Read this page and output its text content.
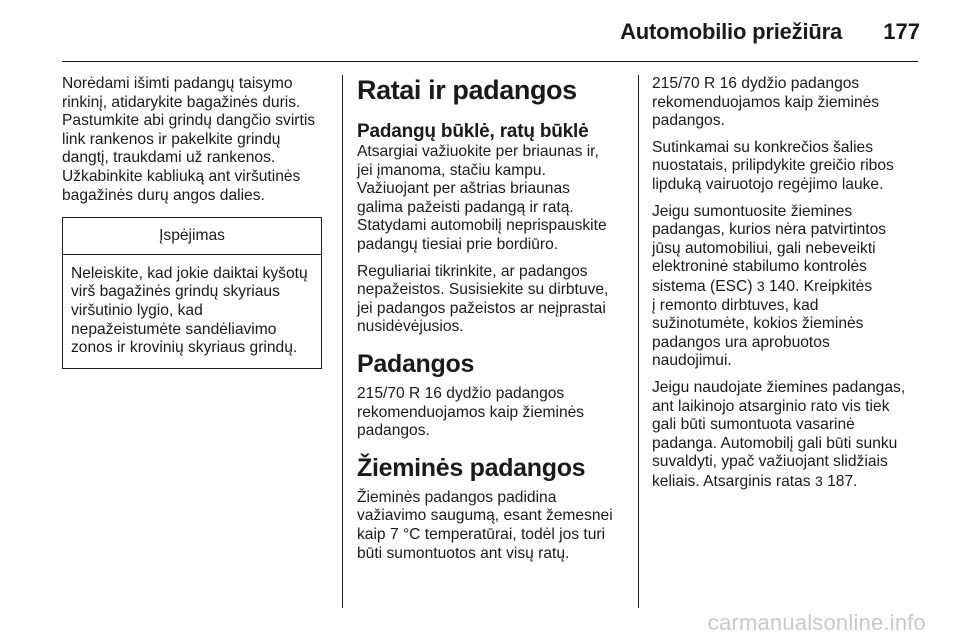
Automobilio priežiūra 177

Norėdami išimti padangų taisymo
rinkinį, atidarykite bagažinės duris.
Pastumkite abi grindų dangčio svirtis
link rankenos ir pakelkite grindų
dangtį, traukdami už rankenos.
Užkabinkite kabliuką ant viršutinės
bagažinės durų angos dalies.

Įspėjimas
Neleiskite, kad jokie daiktai kyšotų
virš bagažinės grindų skyriaus
viršutinio lygio, kad
nepažeistumėte sandėliavimo
zonos ir krovinių skyriaus grindų.
Ratai ir padangos
Padangų būklė, ratų būklė

Atsargiai važiuokite per briaunas ir,
jei įmanoma, stačiu kampu.
Važiuojant per aštrias briaunas
galima pažeisti padangą ir ratą.
Statydami automobilį neprispauskite
padangų tiesiai prie bordiūro.

Reguliariai tikrinkite, ar padangos
nepažeistos. Susisiekite su dirbtuve,
jei padangos pažeistos ar neįprastai
nusidėvėjusios.

Padangos

215/70 R 16 dydžio padangos
rekomenduojamos kaip žieminės
padangos.

Žieminės padangos

Žieminės padangos padidina
važiavimo saugumą, esant žemesnei
kaip 7 °C temperatūrai, todėl jos turi
būti sumontuotos ant visų ratų.

215/70 R 16 dydžio padangos
rekomenduojamos kaip žieminės
padangos.

Sutinkamai su konkrečios šalies
nuostatais, prilipdykite greičio ribos
lipduką vairuotojo regėjimo lauke.

Jeigu sumontuosite žiemines
padangas, kurios nėra patvirtintos
jūsų automobiliui, gali nebeveikti
elektroninė stabilumo kontrolės
sistema (ESC) 3 140. Kreipkitės
į remonto dirbtuves, kad
sužinotumėte, kokios žieminės
padangos ura aprobuotos
naudojimui.

Jeigu naudojate žiemines padangas,
ant laikinojo atsarginio rato vis tiek
gali būti sumontuota vasarinė
padanga. Automobilį gali būti sunku
suvaldyti, ypač važiuojant slidžiais
keliais. Atsarginis ratas 3 187.

carmanualsonline.info
